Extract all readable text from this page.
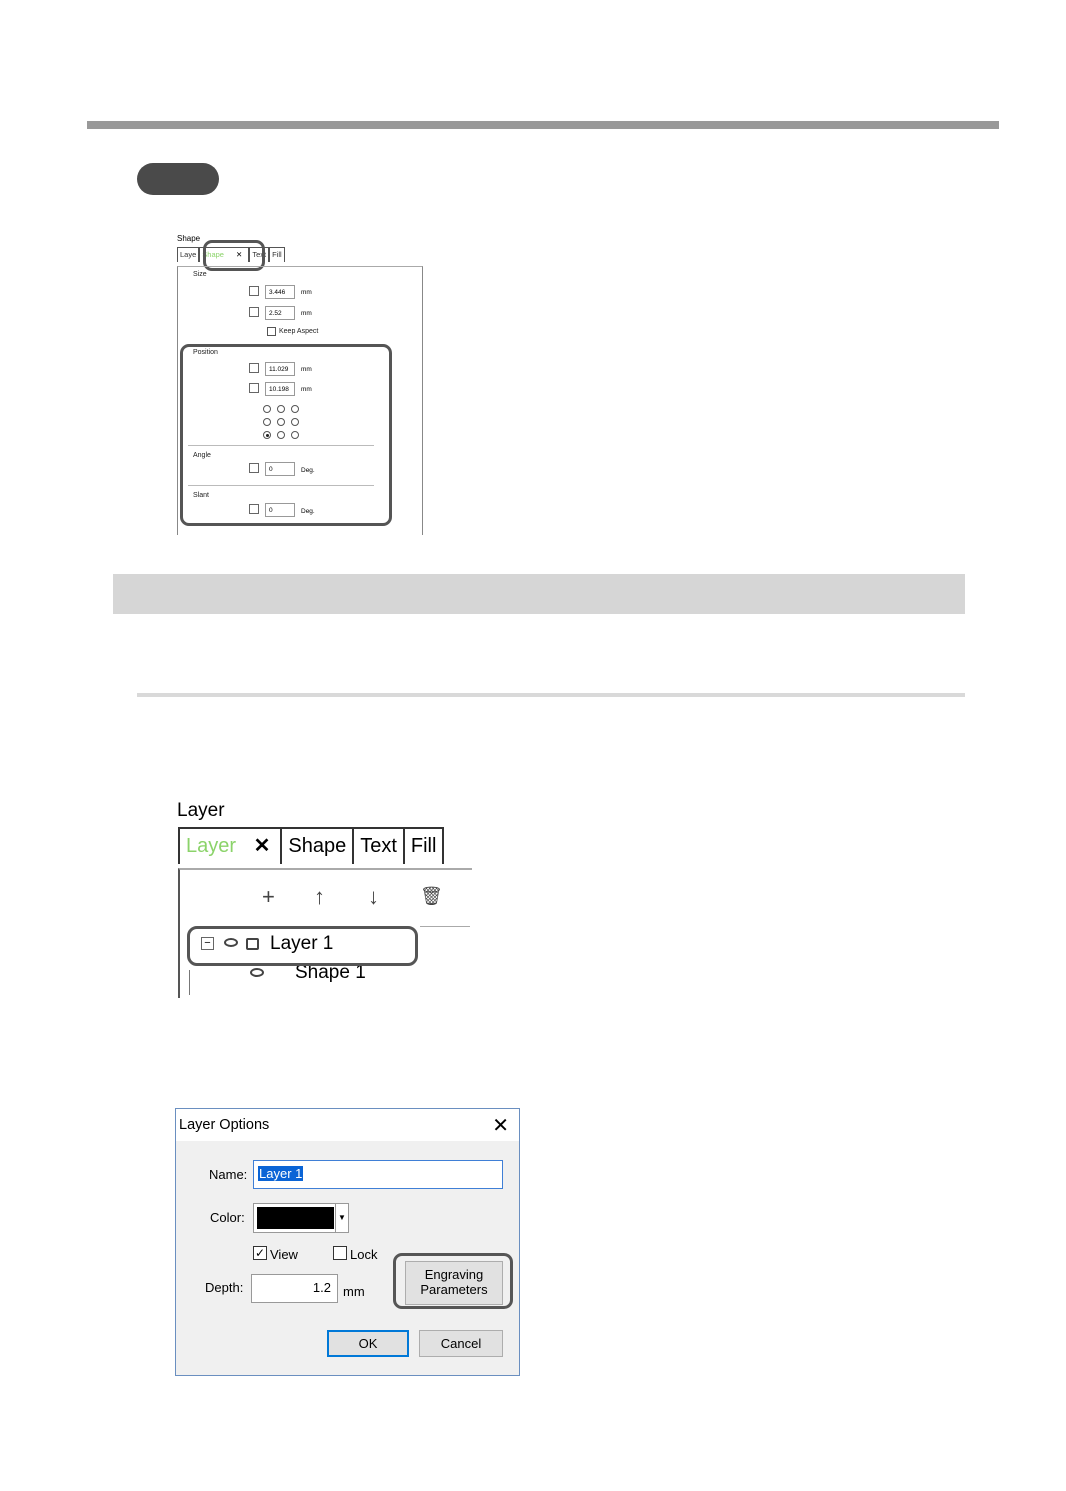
Shape
Laye Shape ✕	Text Fill
Size
3.446	mm
2.52	mm
Keep Aspect
Position
11.029	mm
10.198	mm
Angle
0	Deg.
Slant
0	Deg.
Layer
Layer ✕ Shape Text Fill
+ ↑ ↓ 🗑
−	Layer 1
Shape 1
Layer Options	✕
Name: Layer 1
Color:	▼
✓ View	Lock
Depth:	1.2 mm
Engraving
Parameters
OK	Cancel
